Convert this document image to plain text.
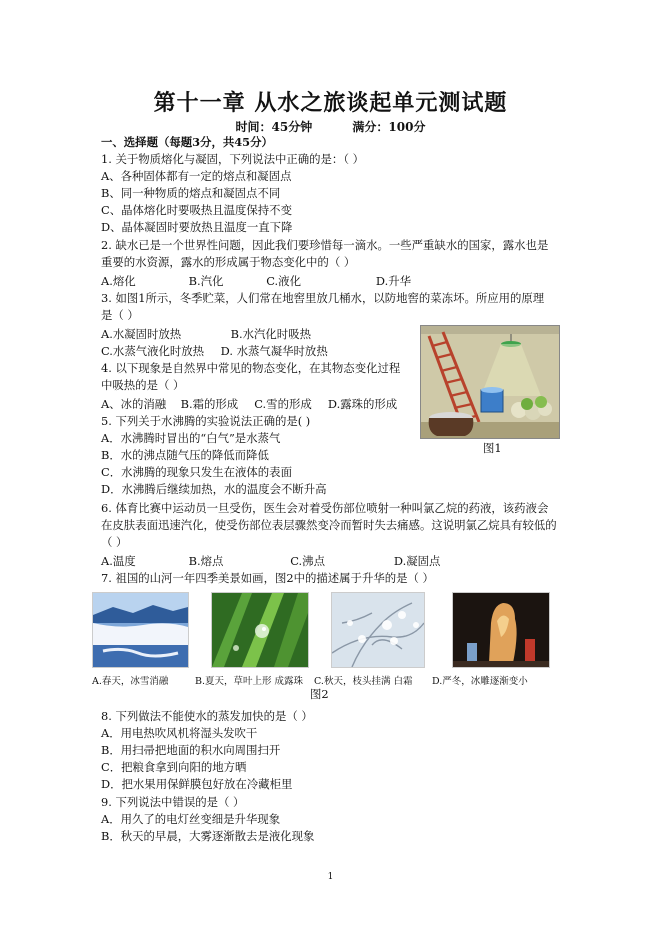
第十一章 从水之旅谈起单元测试题
时间：45分钟	满分：100分
一、选择题（每题3分，共45分）
1. 关于物质熔化与凝固，下列说法中正确的是：（ ）
A、各种固体都有一定的熔点和凝固点
B、同一种物质的熔点和凝固点不同
C、晶体熔化时要吸热且温度保持不变
D、晶体凝固时要放热且温度一直下降
2. 缺水已是一个世界性问题，因此我们要珍惜每一滴水。一些严重缺水的国家，露水也是
重要的水资源，露水的形成属于物态变化中的（ ）
A.熔化	B.汽化	C.液化	D.升华
3. 如图1所示，冬季贮菜，人们常在地窖里放几桶水，以防地窖的菜冻坏。所应用的原理
是（ ）
A.水凝固时放热	B.水汽化时吸热
C.水蒸气液化时放热 D. 水蒸气凝华时放热
图1
4. 以下现象是自然界中常见的物态变化，在其物态变化过程
中吸热的是（ ）
A、冰的消融 B.霜的形成 C.雪的形成 D.露珠的形成
5. 下列关于水沸腾的实验说法正确的是( )
A．水沸腾时冒出的“白气”是水蒸气
B．水的沸点随气压的降低而降低
C．水沸腾的现象只发生在液体的表面
D．水沸腾后继续加热，水的温度会不断升高
6. 体育比赛中运动员一旦受伤，医生会对着受伤部位喷射一种叫氯乙烷的药液，该药液会
在皮肤表面迅速汽化，使受伤部位表层骤然变冷而暂时失去痛感。这说明氯乙烷具有较低的
（ ）
A.温度	B.熔点	C.沸点	D.凝固点
7. 祖国的山河一年四季美景如画，图2中的描述属于升华的是（ ）
A.春天，冰雪消融	B.夏天，草叶上形 成露珠 C.秋天，枝头挂满 白霜 D.严冬，冰雕逐渐变小
图2
8. 下列做法不能使水的蒸发加快的是（ ）
A．用电热吹风机将湿头发吹干
B．用扫帚把地面的积水向周围扫开
C．把粮食拿到向阳的地方晒
D．把水果用保鲜膜包好放在冷藏柜里
9. 下列说法中错误的是（ ）
A．用久了的电灯丝变细是升华现象
B．秋天的早晨，大雾逐渐散去是液化现象
1
